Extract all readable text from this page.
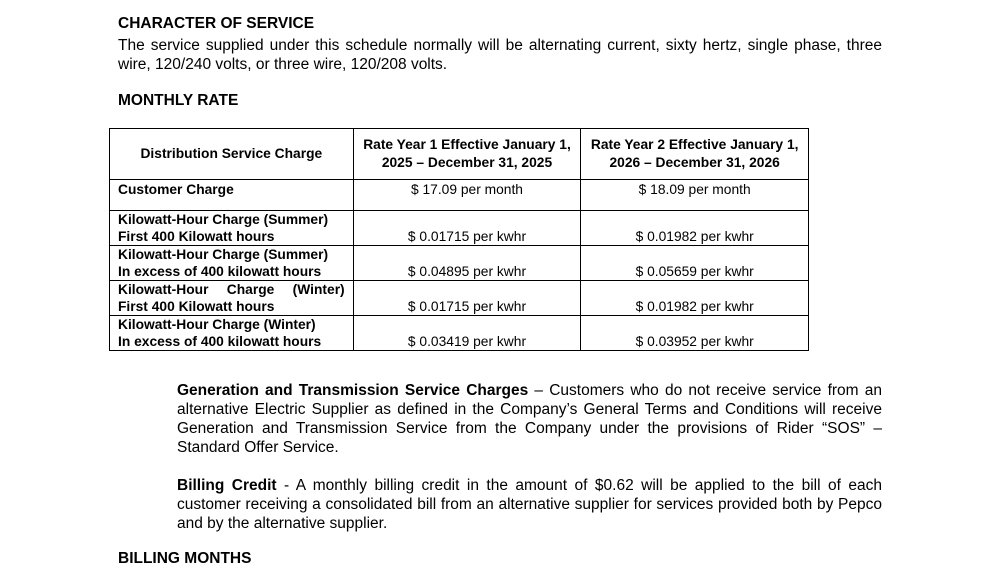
CHARACTER OF SERVICE

The service supplied under this schedule normally will be alternating current, sixty hertz, single phase, three wire, 120/240 volts, or three wire, 120/208 volts.

MONTHLY RATE
Distribution Service Charge	Rate Year 1 Effective January 1, 2025 – December 31, 2025	Rate Year 2 Effective January 1, 2026 – December 31, 2026

Customer Charge	$ 17.09 per month	$ 18.09 per month

Kilowatt-Hour Charge (Summer)
First 400 Kilowatt hours	$ 0.01715 per kwhr	$ 0.01982 per kwhr

Kilowatt-Hour Charge (Summer)
In excess of 400 kilowatt hours	$ 0.04895 per kwhr	$ 0.05659 per kwhr

Kilowatt-Hour Charge (Winter)
First 400 Kilowatt hours	$ 0.01715 per kwhr	$ 0.01982 per kwhr

Kilowatt-Hour Charge (Winter)
In excess of 400 kilowatt hours	$ 0.03419 per kwhr	$ 0.03952 per kwhr

Generation and Transmission Service Charges – Customers who do not receive service from an alternative Electric Supplier as defined in the Company’s General Terms and Conditions will receive Generation and Transmission Service from the Company under the provisions of Rider “SOS” – Standard Offer Service.

Billing Credit - A monthly billing credit in the amount of $0.62 will be applied to the bill of each customer receiving a consolidated bill from an alternative supplier for services provided both by Pepco and by the alternative supplier.

BILLING MONTHS
